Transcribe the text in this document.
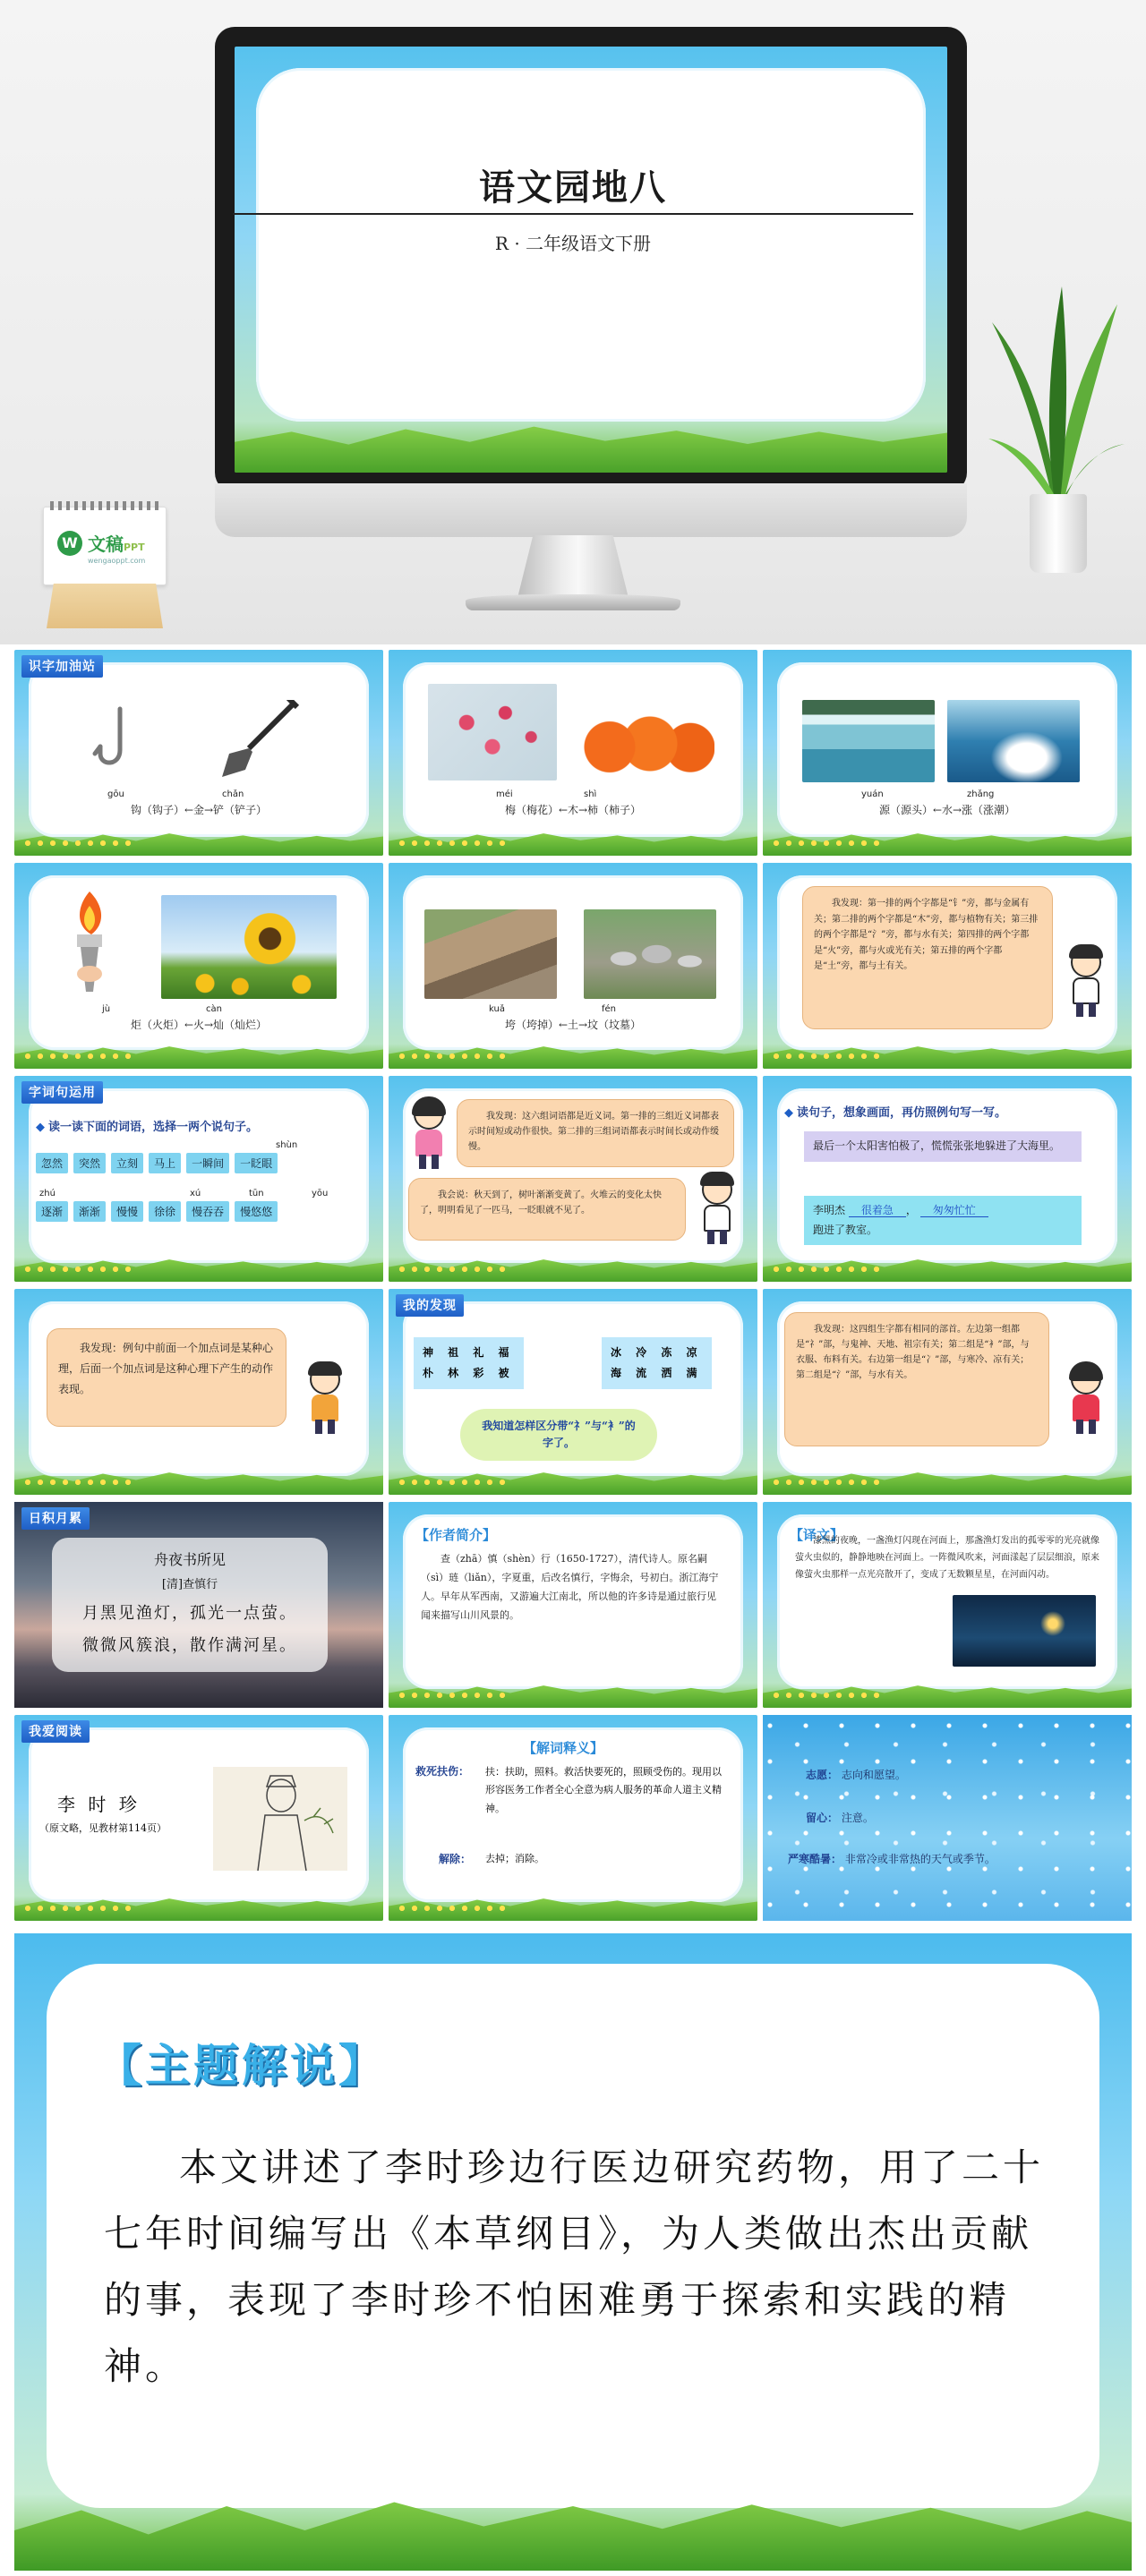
语文园地八
R · 二年级语文下册
W 文稿PPT
wengaoppt.com
识字加油站
gōu	chǎn
钩（钩子）←金→铲（铲子）
méi	shì
梅（梅花）←木→柿（柿子）
yuán	zhǎng
源（源头）←水→涨（涨潮）
jù	càn
炬（火炬）←火→灿（灿烂）
kuǎ	fén
垮（垮掉）←土→坟（坟墓）
我发现：第一排的两个字都是“钅”旁，都与金属有关；第二排的两个字都是“木”旁，都与植物有关；第三排的两个字都是“氵”旁，都与水有关；第四排的两个字都是“火”旁，都与火或光有关；第五排的两个字都是“土”旁，都与土有关。
字词句运用
◆ 读一读下面的词语，选择一两个说句子。
shùn
忽然	突然	立刻	马上	一瞬间	一眨眼
zhú	xú	tūn	yōu
逐渐	渐渐	慢慢	徐徐	慢吞吞	慢悠悠
我发现：这六组词语都是近义词。第一排的三组近义词都表示时间短或动作很快。第二排的三组词语都表示时间长或动作缓慢。
我会说：秋天到了，树叶渐渐变黄了。火堆云的变化太快了，明明看见了一匹马，一眨眼就不见了。
◆ 读句子，想象画面，再仿照例句写一写。
最后一个太阳害怕极了，慌慌张张地躲进了大海里。
李明杰 很着急 ， 匆匆忙忙
跑进了教室。
我发现：例句中前面一个加点词是某种心理，后面一个加点词是这种心理下产生的动作表现。
我的发现
神 祖 礼 福
朴 林 彩 被
冰 冷 冻 凉
海 流 洒 满
我知道怎样区分带“礻”与“衤”的字了。
我发现：这四组生字都有相同的部首。左边第一组都是“礻”部，与鬼神、天地、祖宗有关；第二组是“衤”部，与衣服、布料有关。右边第一组是“冫”部，与寒冷、凉有关；第二组是“氵”部，与水有关。
日积月累
舟夜书所见
[清]查慎行
月黑见渔灯，孤光一点萤。
微微风簇浪，散作满河星。
【作者简介】
查（zhā）慎（shèn）行（1650-1727），清代诗人。原名嗣（sì）琏（liǎn），字夏重，后改名慎行，字悔余，号初白。浙江海宁人。早年从军西南，又游遍大江南北，所以他的许多诗是通过旅行见闻来描写山川风景的。
【译文】
漆黑的夜晚，一盏渔灯闪现在河面上，那盏渔灯发出的孤零零的光亮就像萤火虫似的，静静地映在河面上。一阵微风吹来，河面漾起了层层细浪，原来像萤火虫那样一点光亮散开了，变成了无数颗星星，在河面闪动。
我爱阅读
李 时 珍
（原文略，见教材第114页）
【解词释义】
救死扶伤： 扶：扶助，照料。救活快要死的，照顾受伤的。现用以形容医务工作者全心全意为病人服务的革命人道主义精神。
解除： 去掉；消除。
志愿： 志向和愿望。
留心： 注意。
严寒酷暑： 非常冷或非常热的天气或季节。
【主题解说】
本文讲述了李时珍边行医边研究药物，用了二十七年时间编写出《本草纲目》，为人类做出杰出贡献的事，表现了李时珍不怕困难勇于探索和实践的精神。
